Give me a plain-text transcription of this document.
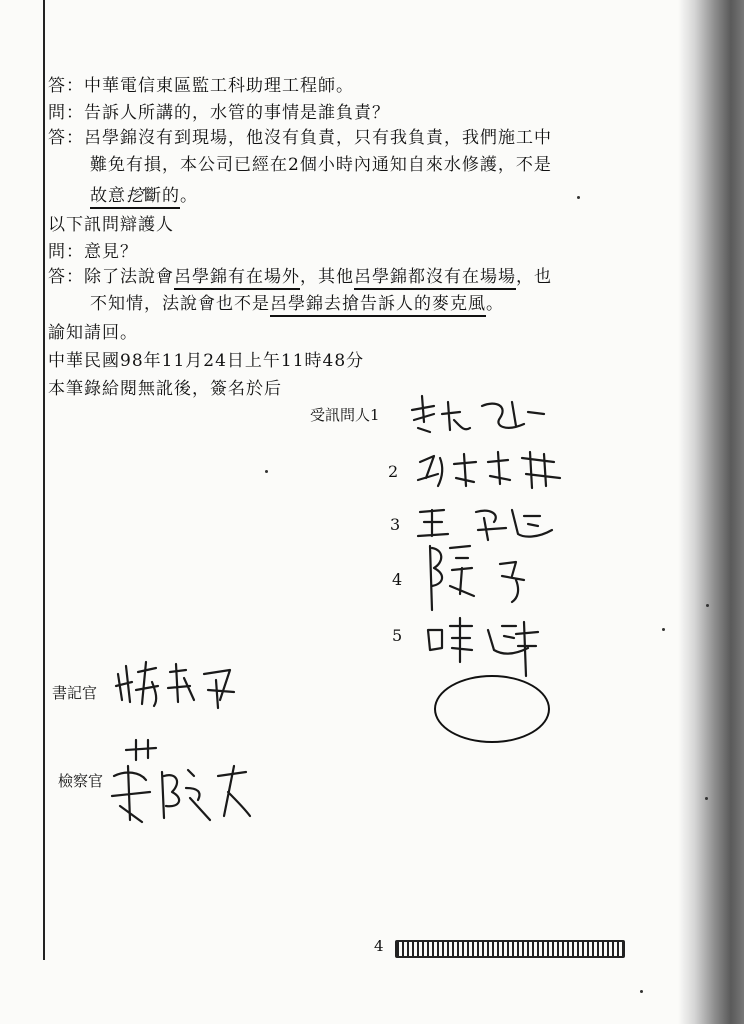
答：中華電信東區監工科助理工程師。
問：告訴人所講的，水管的事情是誰負責？
答：呂學錦沒有到現場，他沒有負責，只有我負責，我們施工中
難免有損，本公司已經在2個小時內通知自來水修護，不是
故意挖斷的。
以下訊問辯護人
問：意見？
答：除了法說會呂學錦有在場外，其他呂學錦都沒有在場場，也
不知情，法說會也不是呂學錦去搶告訴人的麥克風。
諭知請回。
中華民國98年11月24日上午11時48分
本筆錄給閱無訛後，簽名於后
受訊問人1
2
3
4
5
書記官
檢察官
4
